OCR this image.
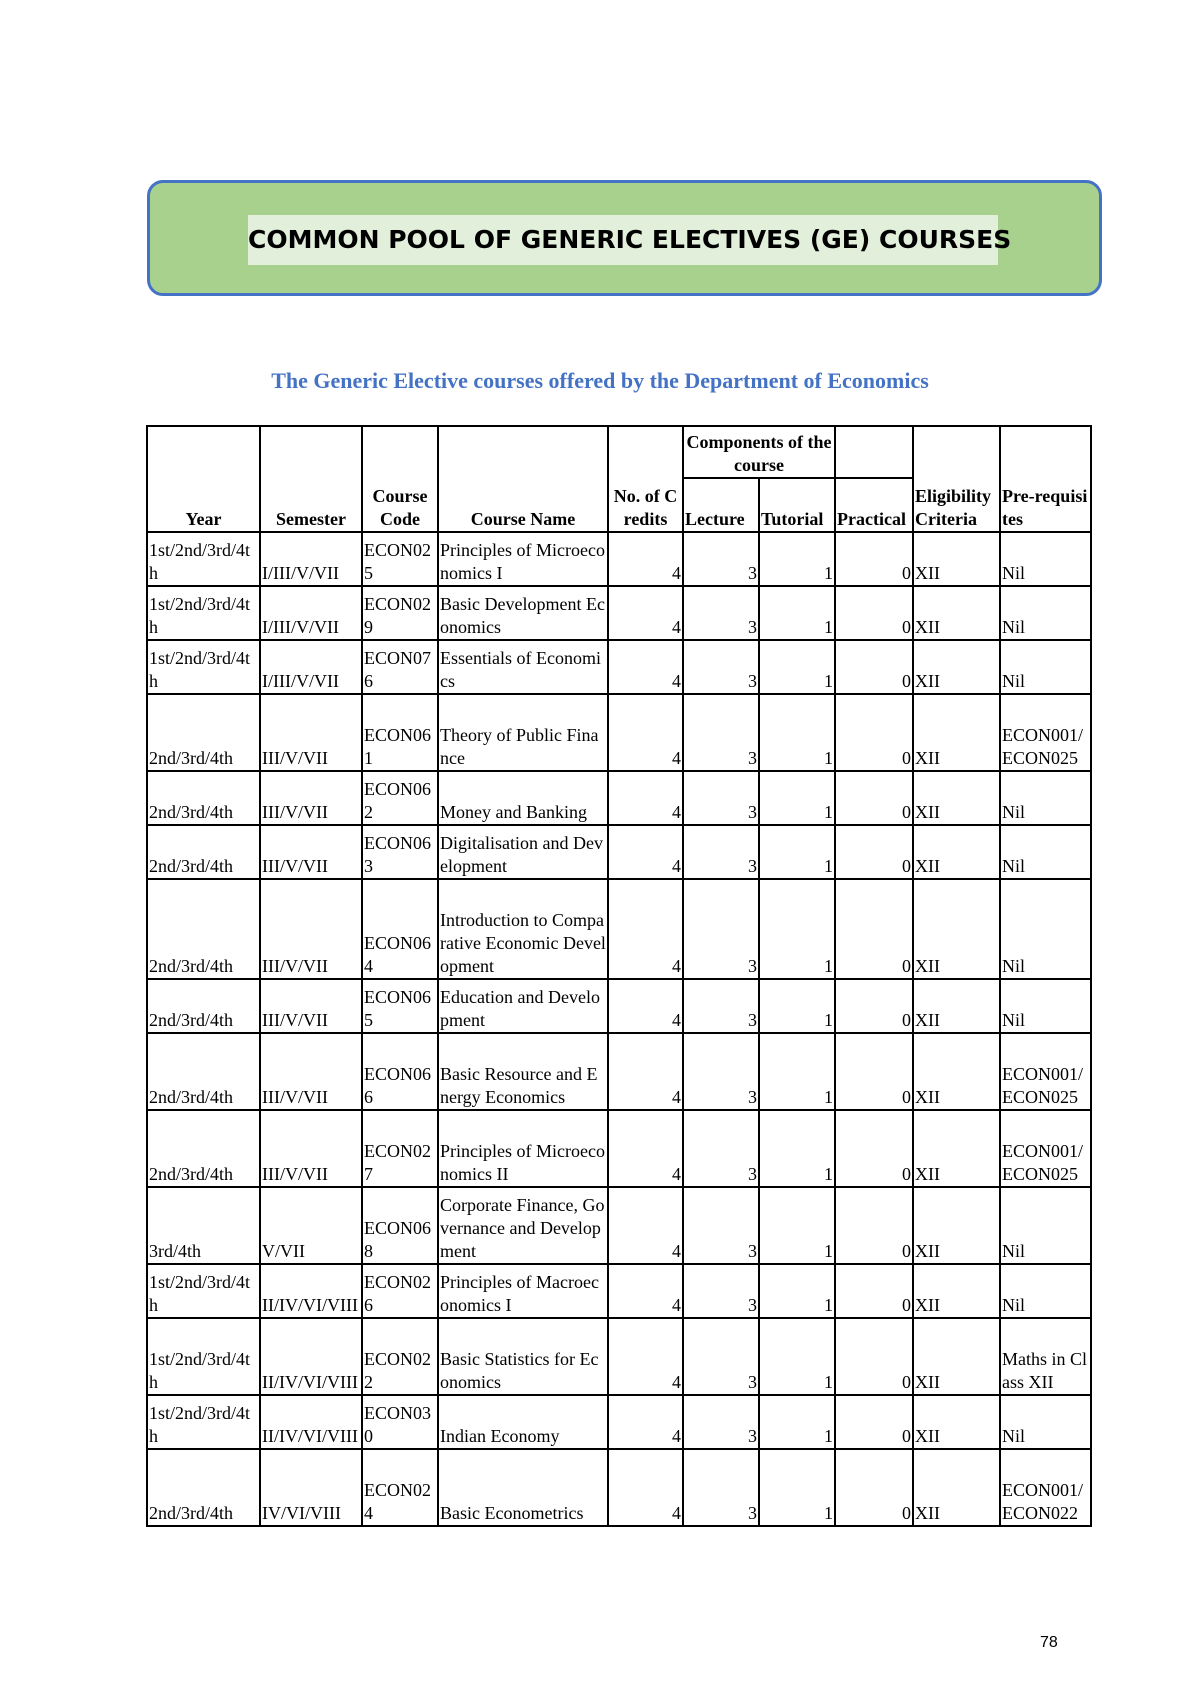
COMMON POOL OF GENERIC ELECTIVES (GE) COURSES
The Generic Elective courses offered by the Department of Economics
Year	Semester	Course Code	Course Name	No. of Credits	Components of the course			Eligibility Criteria	Pre-requisites
					Lecture	Tutorial	Practical		
1st/2nd/3rd/4th	I/III/V/VII	ECON025	Principles of Microeconomics I	4	3	1	0	XII	Nil
1st/2nd/3rd/4th	I/III/V/VII	ECON029	Basic Development Economics	4	3	1	0	XII	Nil
1st/2nd/3rd/4th	I/III/V/VII	ECON076	Essentials of Economics	4	3	1	0	XII	Nil
2nd/3rd/4th	III/V/VII	ECON061	Theory of Public Finance	4	3	1	0	XII	ECON001/ECON025
2nd/3rd/4th	III/V/VII	ECON062	Money and Banking	4	3	1	0	XII	Nil
2nd/3rd/4th	III/V/VII	ECON063	Digitalisation and Development	4	3	1	0	XII	Nil
2nd/3rd/4th	III/V/VII	ECON064	Introduction to Comparative Economic Development	4	3	1	0	XII	Nil
2nd/3rd/4th	III/V/VII	ECON065	Education and Development	4	3	1	0	XII	Nil
2nd/3rd/4th	III/V/VII	ECON066	Basic Resource and Energy Economics	4	3	1	0	XII	ECON001/ECON025
2nd/3rd/4th	III/V/VII	ECON027	Principles of Microeconomics II	4	3	1	0	XII	ECON001/ECON025
3rd/4th	V/VII	ECON068	Corporate Finance, Governance and Development	4	3	1	0	XII	Nil
1st/2nd/3rd/4th	II/IV/VI/VIII	ECON026	Principles of Macroeconomics I	4	3	1	0	XII	Nil
1st/2nd/3rd/4th	II/IV/VI/VIII	ECON022	Basic Statistics for Economics	4	3	1	0	XII	Maths in Class XII
1st/2nd/3rd/4th	II/IV/VI/VIII	ECON030	Indian Economy	4	3	1	0	XII	Nil
2nd/3rd/4th	IV/VI/VIII	ECON024	Basic Econometrics	4	3	1	0	XII	ECON001/ECON022
78
